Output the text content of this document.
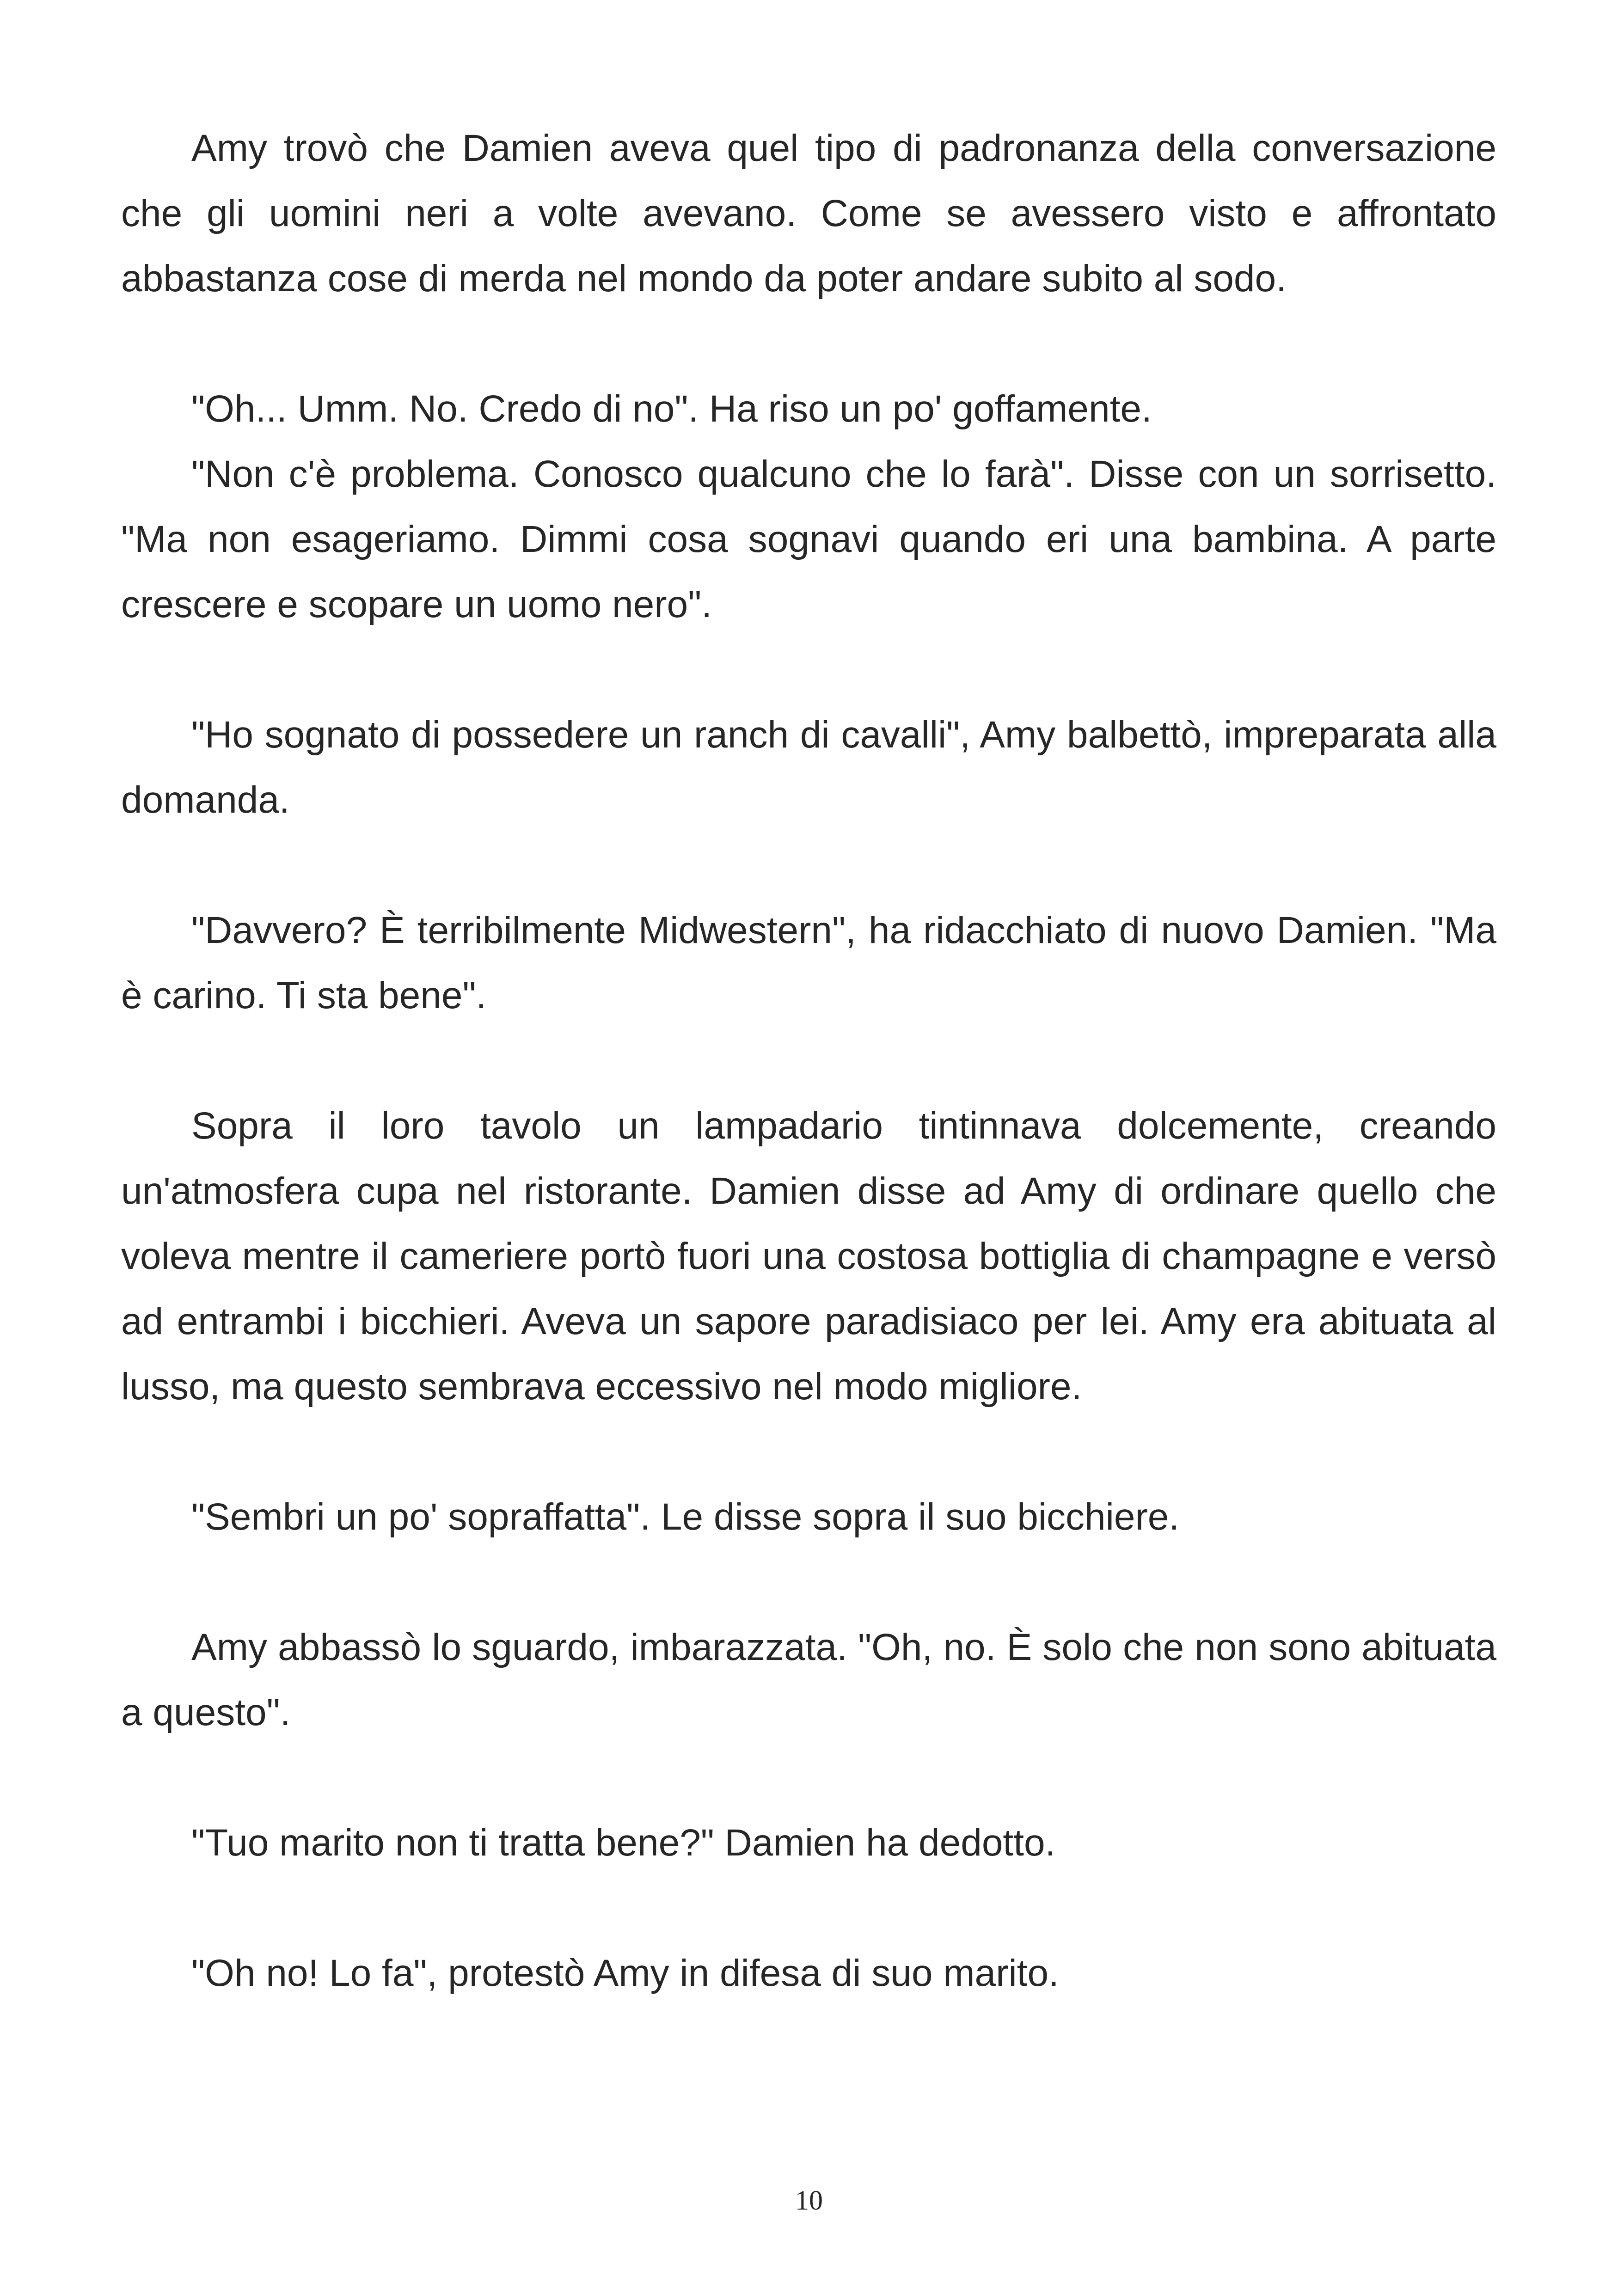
Amy trovò che Damien aveva quel tipo di padronanza della conversazione che gli uomini neri a volte avevano. Come se avessero visto e affrontato abbastanza cose di merda nel mondo da poter andare subito al sodo.

"Oh... Umm. No. Credo di no". Ha riso un po' goffamente.

"Non c'è problema. Conosco qualcuno che lo farà". Disse con un sorrisetto. "Ma non esageriamo. Dimmi cosa sognavi quando eri una bambina. A parte crescere e scopare un uomo nero".

"Ho sognato di possedere un ranch di cavalli", Amy balbettò, impreparata alla domanda.

"Davvero? È terribilmente Midwestern", ha ridacchiato di nuovo Damien. "Ma è carino. Ti sta bene".

Sopra il loro tavolo un lampadario tintinnava dolcemente, creando un'atmosfera cupa nel ristorante. Damien disse ad Amy di ordinare quello che voleva mentre il cameriere portò fuori una costosa bottiglia di champagne e versò ad entrambi i bicchieri. Aveva un sapore paradisiaco per lei. Amy era abituata al lusso, ma questo sembrava eccessivo nel modo migliore.

"Sembri un po' sopraffatta". Le disse sopra il suo bicchiere.

Amy abbassò lo sguardo, imbarazzata. "Oh, no. È solo che non sono abituata a questo".

"Tuo marito non ti tratta bene?" Damien ha dedotto.

"Oh no! Lo fa", protestò Amy in difesa di suo marito.

10
